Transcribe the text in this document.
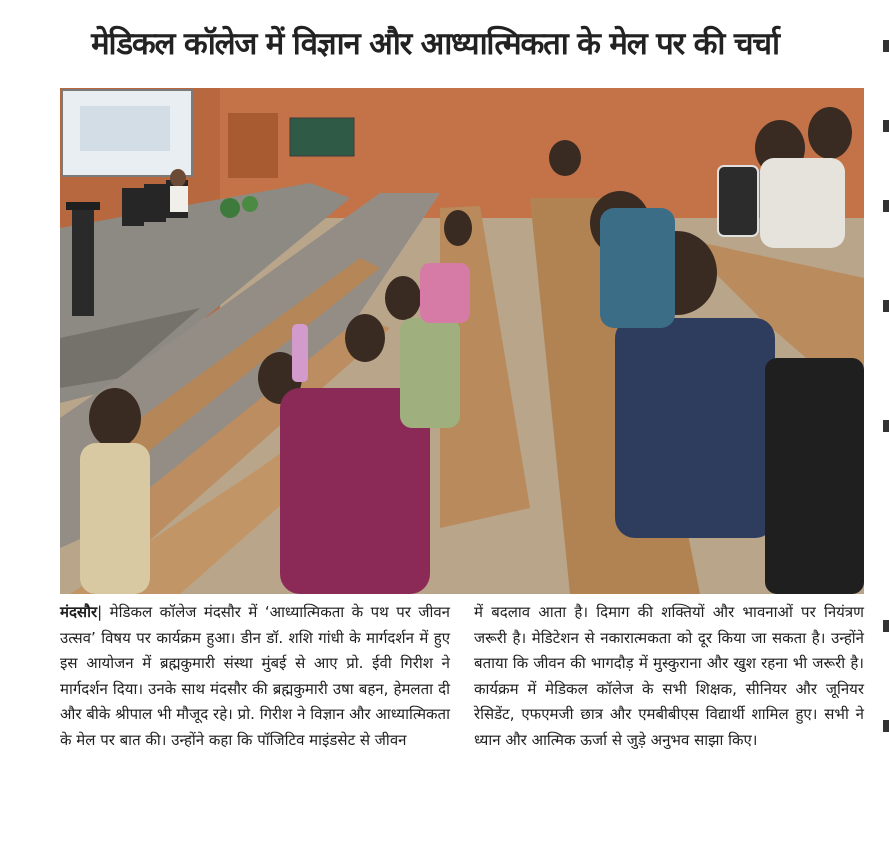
मेडिकल कॉलेज में विज्ञान और आध्यात्मिकता के मेल पर की चर्चा
मंदसौर| मेडिकल कॉलेज मंदसौर में ‘आध्यात्मिकता के पथ पर जीवन उत्सव’ विषय पर कार्यक्रम हुआ। डीन डॉ. शशि गांधी के मार्गदर्शन में हुए इस आयोजन में ब्रह्मकुमारी संस्था मुंबई से आए प्रो. ईवी गिरीश ने मार्गदर्शन दिया। उनके साथ मंदसौर की ब्रह्मकुमारी उषा बहन, हेमलता दी और बीके श्रीपाल भी मौजूद रहे। प्रो. गिरीश ने विज्ञान और आध्यात्मिकता के मेल पर बात की। उन्होंने कहा कि पॉजिटिव माइंडसेट से जीवन
में बदलाव आता है। दिमाग की शक्तियों और भावनाओं पर नियंत्रण जरूरी है। मेडिटेशन से नकारात्मकता को दूर किया जा सकता है। उन्होंने बताया कि जीवन की भागदौड़ में मुस्कुराना और खुश रहना भी जरूरी है। कार्यक्रम में मेडिकल कॉलेज के सभी शिक्षक, सीनियर और जूनियर रेसिडेंट, एफएमजी छात्र और एमबीबीएस विद्यार्थी शामिल हुए। सभी ने ध्यान और आत्मिक ऊर्जा से जुड़े अनुभव साझा किए।
